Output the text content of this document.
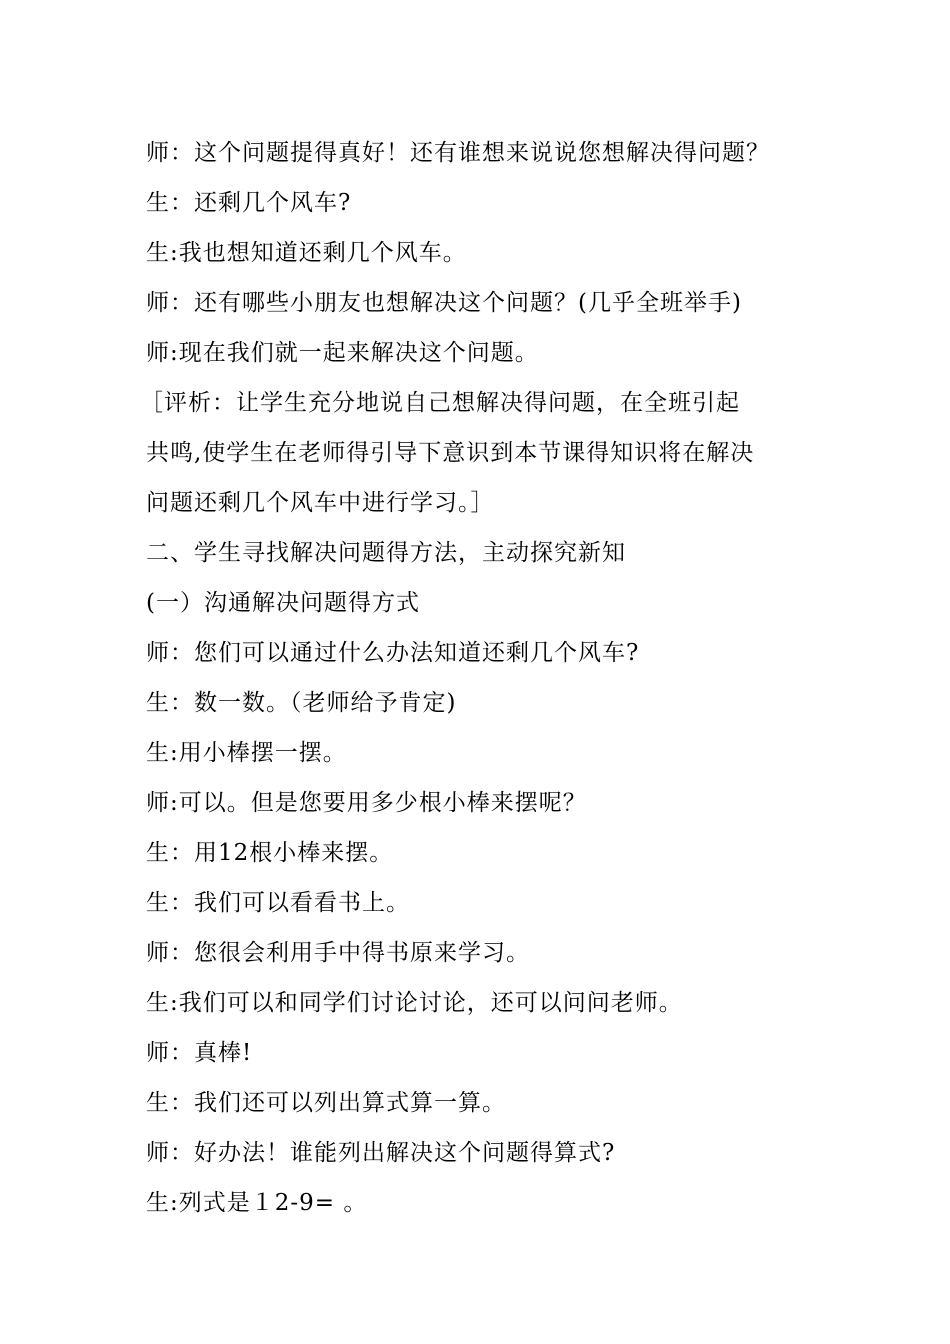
师：这个问题提得真好！还有谁想来说说您想解决得问题？
生：还剩几个风车?
生:我也想知道还剩几个风车。
师：还有哪些小朋友也想解决这个问题？(几乎全班举手)
师:现在我们就一起来解决这个问题。
［评析：让学生充分地说自己想解决得问题，在全班引起
共鸣,使学生在老师得引导下意识到本节课得知识将在解决
问题还剩几个风车中进行学习。］
二、学生寻找解决问题得方法，主动探究新知
(一）沟通解决问题得方式
师：您们可以通过什么办法知道还剩几个风车?
生：数一数。（老师给予肯定)
生:用小棒摆一摆。
师:可以。但是您要用多少根小棒来摆呢？
生：用12根小棒来摆。
生：我们可以看看书上。
师：您很会利用手中得书原来学习。
生:我们可以和同学们讨论讨论，还可以问问老师。
师：真棒!
生：我们还可以列出算式算一算。
师：好办法！谁能列出解决这个问题得算式?
生:列式是１2-9= 。
